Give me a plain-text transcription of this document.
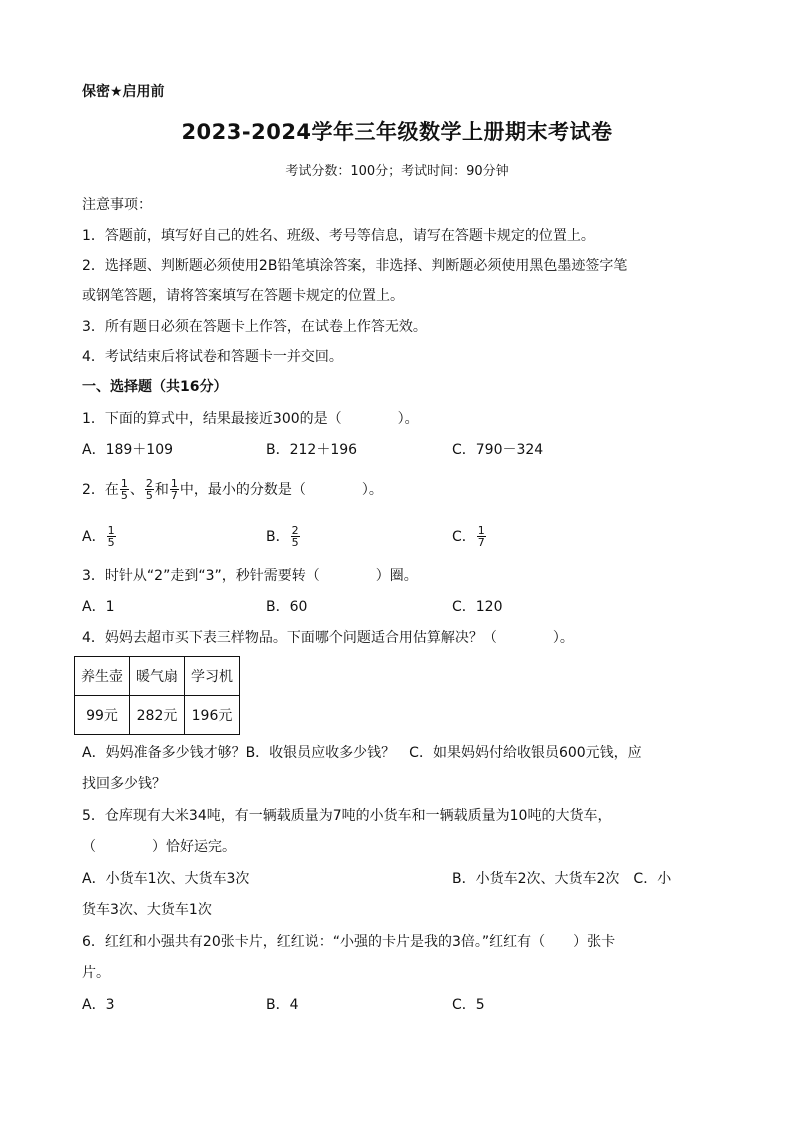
保密★启用前
2023-2024学年三年级数学上册期末考试卷
考试分数：100分；考试时间：90分钟
注意事项：
1．答题前，填写好自己的姓名、班级、考号等信息，请写在答题卡规定的位置上。
2．选择题、判断题必须使用2B铅笔填涂答案，非选择、判断题必须使用黑色墨迹签字笔
或钢笔答题，请将答案填写在答题卡规定的位置上。
3．所有题日必须在答题卡上作答，在试卷上作答无效。
4．考试结束后将试卷和答题卡一并交回。
一、选择题（共16分）
1．下面的算式中，结果最接近300的是（　　　　）。
A．189＋109	B．212＋196	C．790－324
2．在 $\frac{1}{5}$ 、 $\frac{2}{5}$ 和 $\frac{1}{7}$ 中，最小的分数是（　　　　）。
A． $\frac{1}{5}$	B． $\frac{2}{5}$	C． $\frac{1}{7}$
3．时针从“2”走到“3”，秒针需要转（　　　　）圈。
A．1	B．60	C．120
4．妈妈去超市买下表三样物品。下面哪个问题适合用估算解决？（　　　　）。
养生壶	暖气扇	学习机
99元	282元	196元
A．妈妈准备多少钱才够？B．收银员应收多少钱？　C．如果妈妈付给收银员600元钱，应
找回多少钱？
5．仓库现有大米34吨，有一辆载质量为7吨的小货车和一辆载质量为10吨的大货车，
（　　　　）恰好运完。
A．小货车1次、大货车3次	B．小货车2次、大货车2次　C．小
货车3次、大货车1次
6．红红和小强共有20张卡片，红红说：“小强的卡片是我的3倍。”红红有（　　）张卡
片。
A．3	B．4	C．5
